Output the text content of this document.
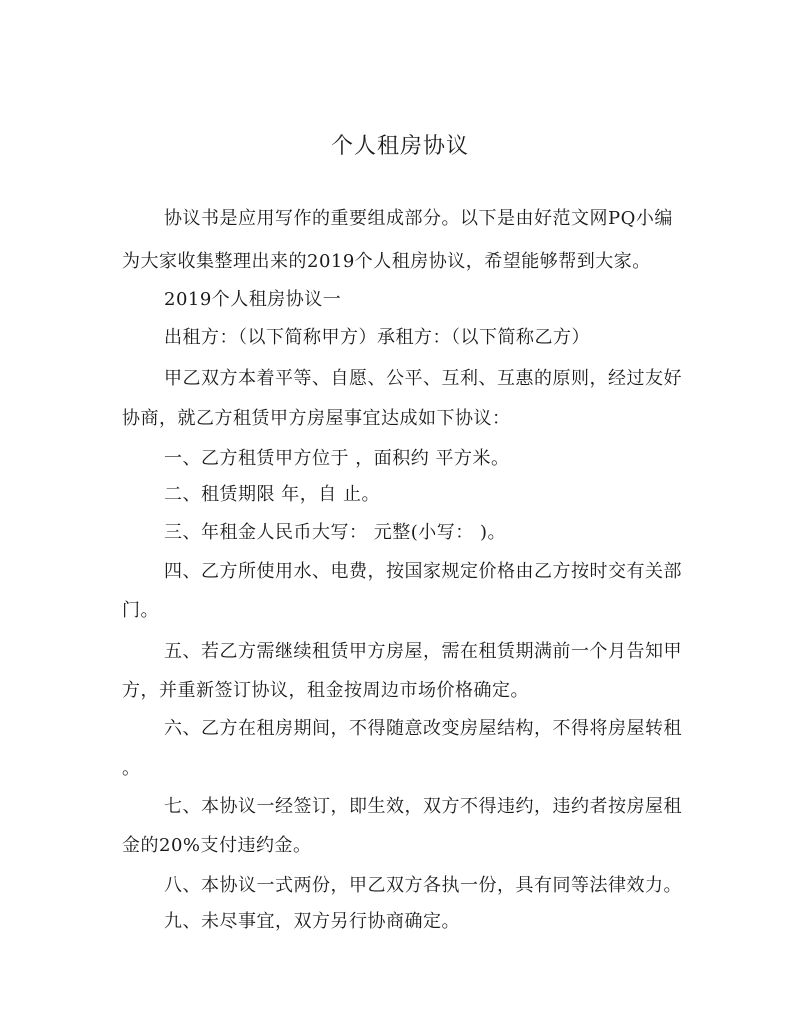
个人租房协议
协议书是应用写作的重要组成部分。以下是由好范文网PQ小编
为大家收集整理出来的2019个人租房协议，希望能够帮到大家。
2019个人租房协议一
出租方：（以下简称甲方）承租方：（以下简称乙方）
甲乙双方本着平等、自愿、公平、互利、互惠的原则，经过友好
协商，就乙方租赁甲方房屋事宜达成如下协议：
一、乙方租赁甲方位于 ，面积约 平方米。
二、租赁期限 年，自 止。
三、年租金人民币大写： 元整(小写： )。
四、乙方所使用水、电费，按国家规定价格由乙方按时交有关部
门。
五、若乙方需继续租赁甲方房屋，需在租赁期满前一个月告知甲
方，并重新签订协议，租金按周边市场价格确定。
六、乙方在租房期间，不得随意改变房屋结构，不得将房屋转租
。
七、本协议一经签订，即生效，双方不得违约，违约者按房屋租
金的20%支付违约金。
八、本协议一式两份，甲乙双方各执一份，具有同等法律效力。
九、未尽事宜，双方另行协商确定。
